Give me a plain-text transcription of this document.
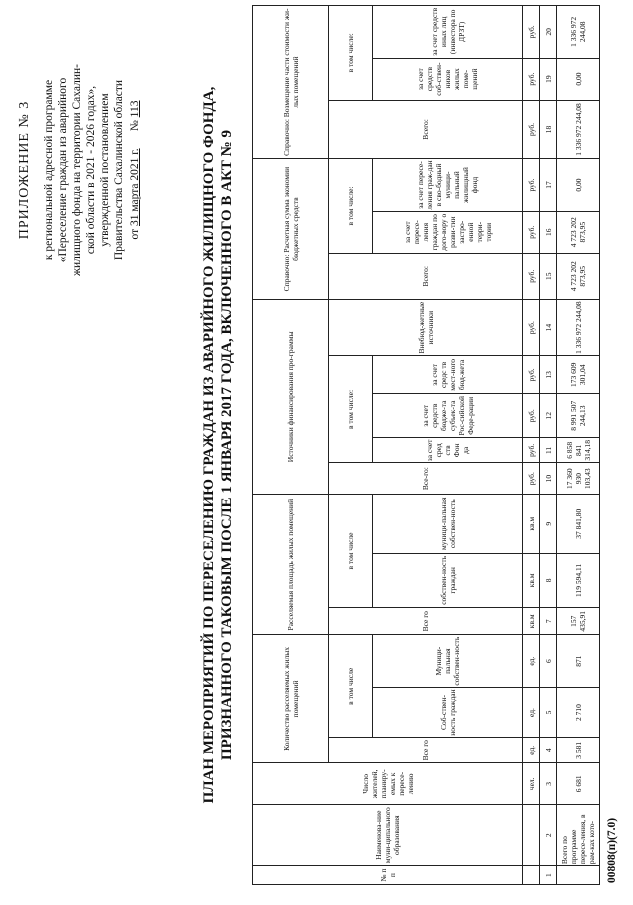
ПРИЛОЖЕНИЕ № 3 к региональной адресной программе «Переселение граждан из аварийного жилищного фонда на территории Сахалин- ской области в 2021 - 2026 годах», утвержденной постановлением Правительства Сахалинской области от 31 марта 2021 г.      № 113	ПЛАН МЕРОПРИЯТИЙ ПО ПЕРЕСЕЛЕНИЮ ГРАЖДАН ИЗ АВАРИЙНОГО ЖИЛИЩНОГО ФОНДА, ПРИЗНАННОГО ТАКОВЫМ ПОСЛЕ 1 ЯНВАРЯ 2017 ГОДА, ВКЛЮЧЕННОГО В АКТ № 9
№ п п	Наименова-ние муни-ципального образования	Число жителей, планиру-емых к пересе-лению	Количество расселяемых жилых помещений			Расселяемая площадь жилых помещений			Источники финансирования про-граммы					Справочно: Расчетная сумма экономии бюджетных средств			Справочно: Возмещение части стоимости жи-лых помещений		
			Все го	в том числе		Все го	в том числе		Все-го:	в том числе:			Внебюд-жетные источники	Всего:	в том числе:		Всего:	в том числе:	
				Соб-ствен-ность граждан	Муници-пальная собствен-ность		собствен-ность граждан	муници-пальная собствен-ность		за счет сред ств Фон да	за счет средств бюдже-та субъек-та Рос-сийской Феде-рации	за счет средс тв мест-ного бюд-жета			за счет пересе-ления граждан по дого-вору о разви-тии застро-енной терри-тории	за счет пересе-ления граж-дан в сво-бодный муници-пальный жилищный фонд		за счет средств соб-ствен-ников жилых поме-щений	за счет средств иных лиц (инвестора по ДРЗТ)
		чел.	ед.	ед.	ед.	кв.м	кв.м	кв.м	руб.	руб.	руб.	руб.	руб.	руб.	руб.	руб.	руб.	руб.	руб.
1	2	3	4	5	6	7	8	9	10	11	12	13	14	15	16	17	18	19	20
	Всего по программе пересе-ления, в рам-ках кото-	6 681	3 581	2 710	871	157 435,91	119 594,11	37 841,80	17 360 930 103,43	6 858 841 314,18	8 991 507 244,13	173 609 301,04	1 336 972 244,08	4 723 202 873,95	4 723 202 873,95	0,00	1 336 972 244,08	0,00	1 336 972 244,08
00808(п)(7.0)
